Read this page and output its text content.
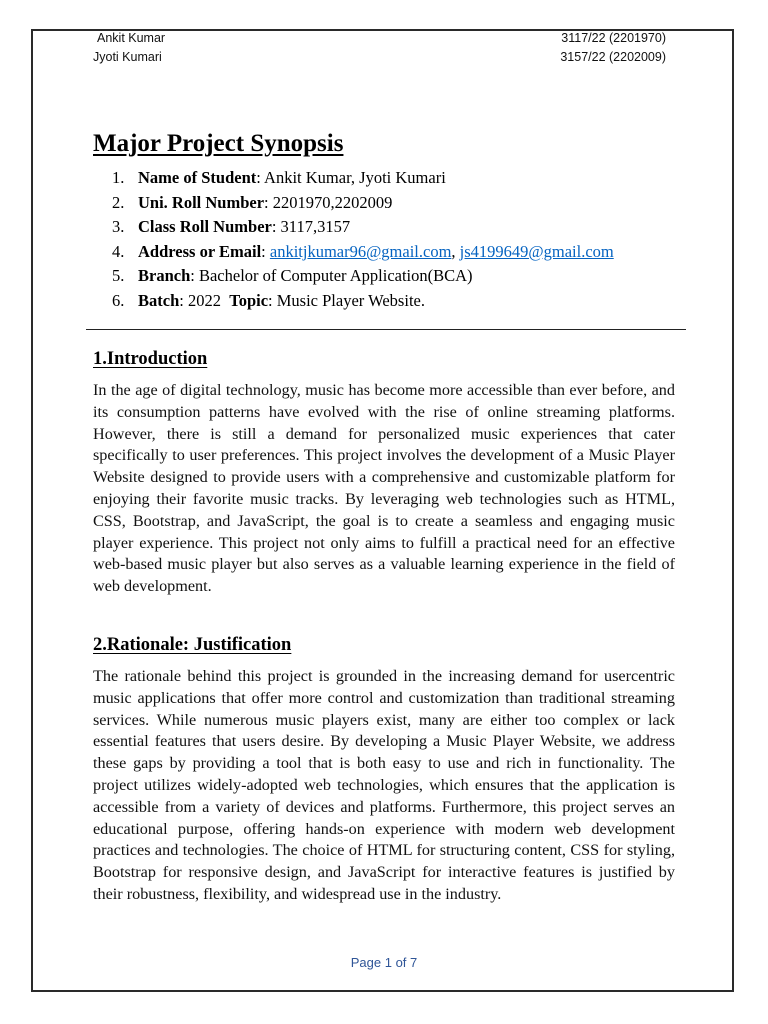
Ankit Kumar
Jyoti Kumari
3117/22 (2201970)
3157/22 (2202009)
Major Project Synopsis
1. Name of Student: Ankit Kumar, Jyoti Kumari
2. Uni. Roll Number: 2201970,2202009
3. Class Roll Number: 3117,3157
4. Address or Email: ankitjkumar96@gmail.com, js4199649@gmail.com
5. Branch: Bachelor of Computer Application(BCA)
6. Batch: 2022  Topic: Music Player Website.
1.Introduction

In the age of digital technology, music has become more accessible than ever before, and its consumption patterns have evolved with the rise of online streaming platforms. However, there is still a demand for personalized music experiences that cater specifically to user preferences. This project involves the development of a Music Player Website designed to provide users with a comprehensive and customizable platform for enjoying their favorite music tracks. By leveraging web technologies such as HTML, CSS, Bootstrap, and JavaScript, the goal is to create a seamless and engaging music player experience. This project not only aims to fulfill a practical need for an effective web-based music player but also serves as a valuable learning experience in the field of web development.

2.Rationale: Justification

The rationale behind this project is grounded in the increasing demand for usercentric music applications that offer more control and customization than traditional streaming services. While numerous music players exist, many are either too complex or lack essential features that users desire. By developing a Music Player Website, we address these gaps by providing a tool that is both easy to use and rich in functionality. The project utilizes widely-adopted web technologies, which ensures that the application is accessible from a variety of devices and platforms. Furthermore, this project serves an educational purpose, offering hands-on experience with modern web development practices and technologies. The choice of HTML for structuring content, CSS for styling, Bootstrap for responsive design, and JavaScript for interactive features is justified by their robustness, flexibility, and widespread use in the industry.

Page 1 of 7
